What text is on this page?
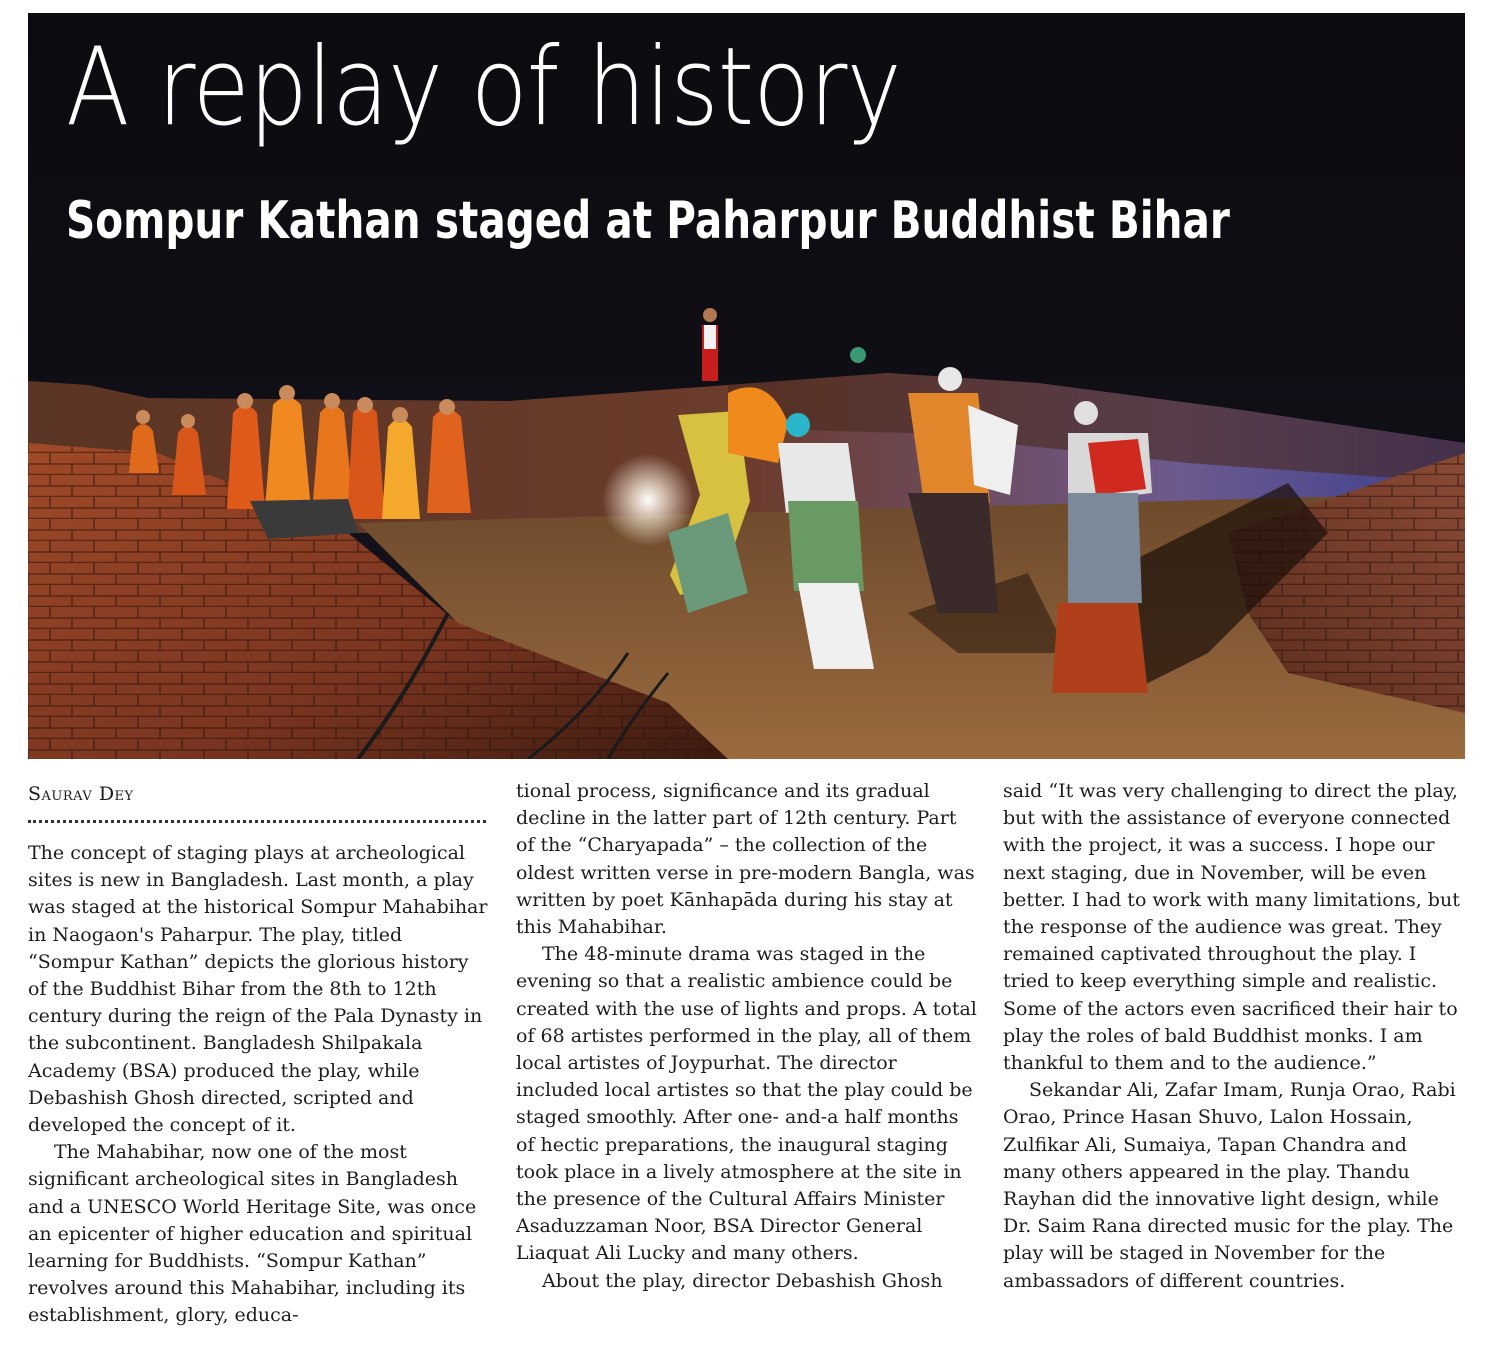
A replay of history
Sompur Kathan staged at Paharpur Buddhist Bihar
Saurav Dey

The concept of staging plays at archeological sites is new in Bangladesh. Last month, a play was staged at the historical Sompur Mahabihar in Naogaon's Paharpur. The play, titled “Sompur Kathan” depicts the glorious history of the Buddhist Bihar from the 8th to 12th century during the reign of the Pala Dynasty in the subcontinent. Bangladesh Shilpakala Academy (BSA) produced the play, while Debashish Ghosh directed, scripted and developed the concept of it.

The Mahabihar, now one of the most significant archeological sites in Bangladesh and a UNESCO World Heritage Site, was once an epicenter of higher education and spiritual learning for Buddhists. “Sompur Kathan” revolves around this Mahabihar, including its establishment, glory, educa-

tional process, significance and its gradual decline in the latter part of 12th century. Part of the “Charyapada” – the collection of the oldest written verse in pre-modern Bangla, was written by poet Kānhapāda during his stay at this Mahabihar.

The 48-minute drama was staged in the evening so that a realistic ambience could be created with the use of lights and props. A total of 68 artistes performed in the play, all of them local artistes of Joypurhat. The director included local artistes so that the play could be staged smoothly. After one- and-a half months of hectic preparations, the inaugural staging took place in a lively atmosphere at the site in the presence of the Cultural Affairs Minister Asaduzzaman Noor, BSA Director General Liaquat Ali Lucky and many others.

About the play, director Debashish Ghosh

said “It was very challenging to direct the play, but with the assistance of everyone connected with the project, it was a success. I hope our next staging, due in November, will be even better. I had to work with many limitations, but the response of the audience was great. They remained captivated throughout the play. I tried to keep everything simple and realistic. Some of the actors even sacrificed their hair to play the roles of bald Buddhist monks. I am thankful to them and to the audience.”

Sekandar Ali, Zafar Imam, Runja Orao, Rabi Orao, Prince Hasan Shuvo, Lalon Hossain, Zulfikar Ali, Sumaiya, Tapan Chandra and many others appeared in the play. Thandu Rayhan did the innovative light design, while Dr. Saim Rana directed music for the play. The play will be staged in November for the ambassadors of different countries.
